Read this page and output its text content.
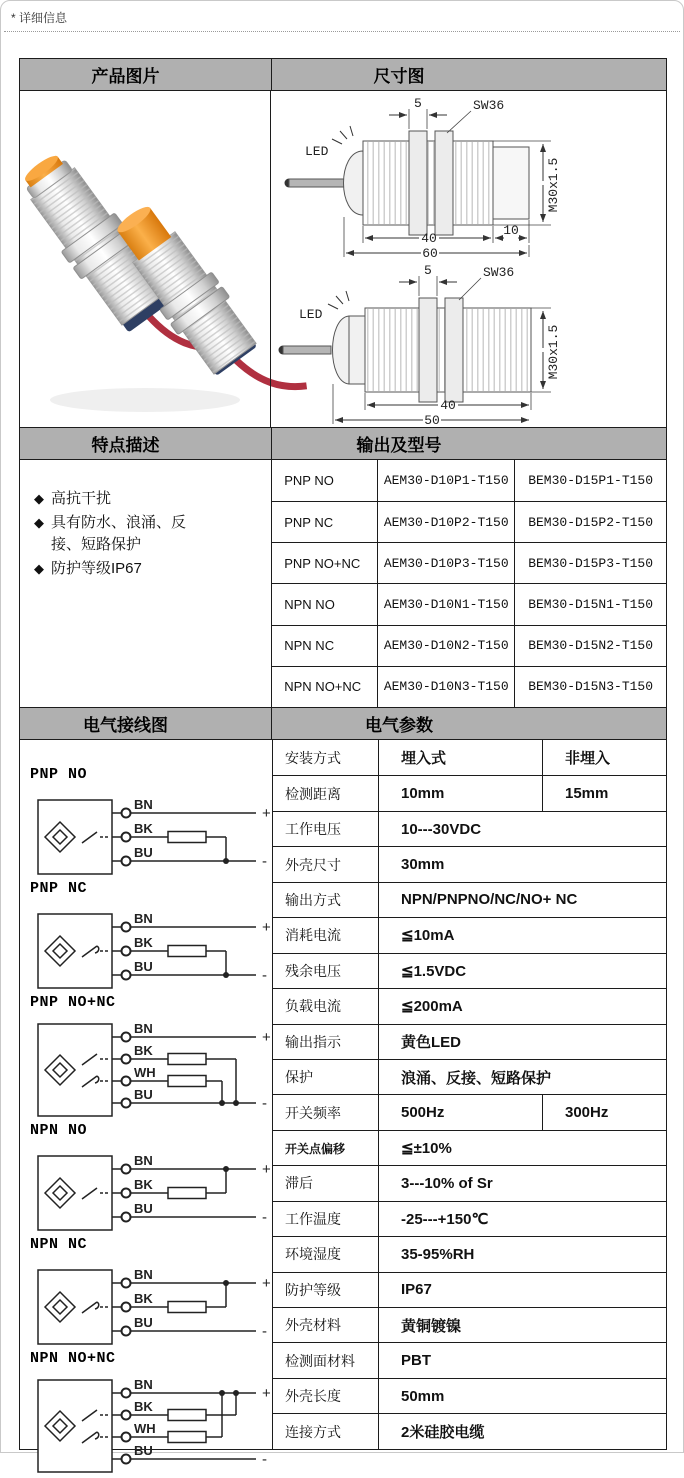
* 详细信息
产品图片	尺寸图
LED
5	SW36
M30x1.5
40
10
60
LED
5	SW36
M30x1.5
40
50
特点描述	输出及型号
◆ 高抗干扰
◆ 具有防水、浪涌、反接、短路保护
◆ 防护等级IP67
PNP NO	AEM30-D10P1-T150	BEM30-D15P1-T150
PNP NC	AEM30-D10P2-T150	BEM30-D15P2-T150
PNP NO+NC	AEM30-D10P3-T150	BEM30-D15P3-T150
NPN NO	AEM30-D10N1-T150	BEM30-D15N1-T150
NPN NC	AEM30-D10N2-T150	BEM30-D15N2-T150
NPN NO+NC	AEM30-D10N3-T150	BEM30-D15N3-T150
电气接线图	电气参数
PNP NO
BN
+
BK
BU
-
PNP NC
BN
+
BK
BU
-
PNP NO+NC
BN
+
BK
WH
BU
-
NPN NO
BN
+
BK
BU
-
NPN NC
BN
+
BK
BU
-
NPN NO+NC
BN
+
BK
WH
BU
-
安装方式	埋入式	非埋入
检测距离	10mm	15mm
工作电压	10---30VDC
外壳尺寸	30mm
输出方式	NPN/PNPNO/NC/NO+ NC
消耗电流	≦10mA
残余电压	≦1.5VDC
负载电流	≦200mA
输出指示	黄色LED
保护	浪涌、反接、短路保护
开关频率	500Hz	300Hz
开关点偏移	≦±10%
滞后	3---10% of Sr
工作温度	-25---+150℃
环境湿度	35-95%RH
防护等级	IP67
外壳材料	黄铜镀镍
检测面材料	PBT
外壳长度	50mm
连接方式	2米硅胶电缆
